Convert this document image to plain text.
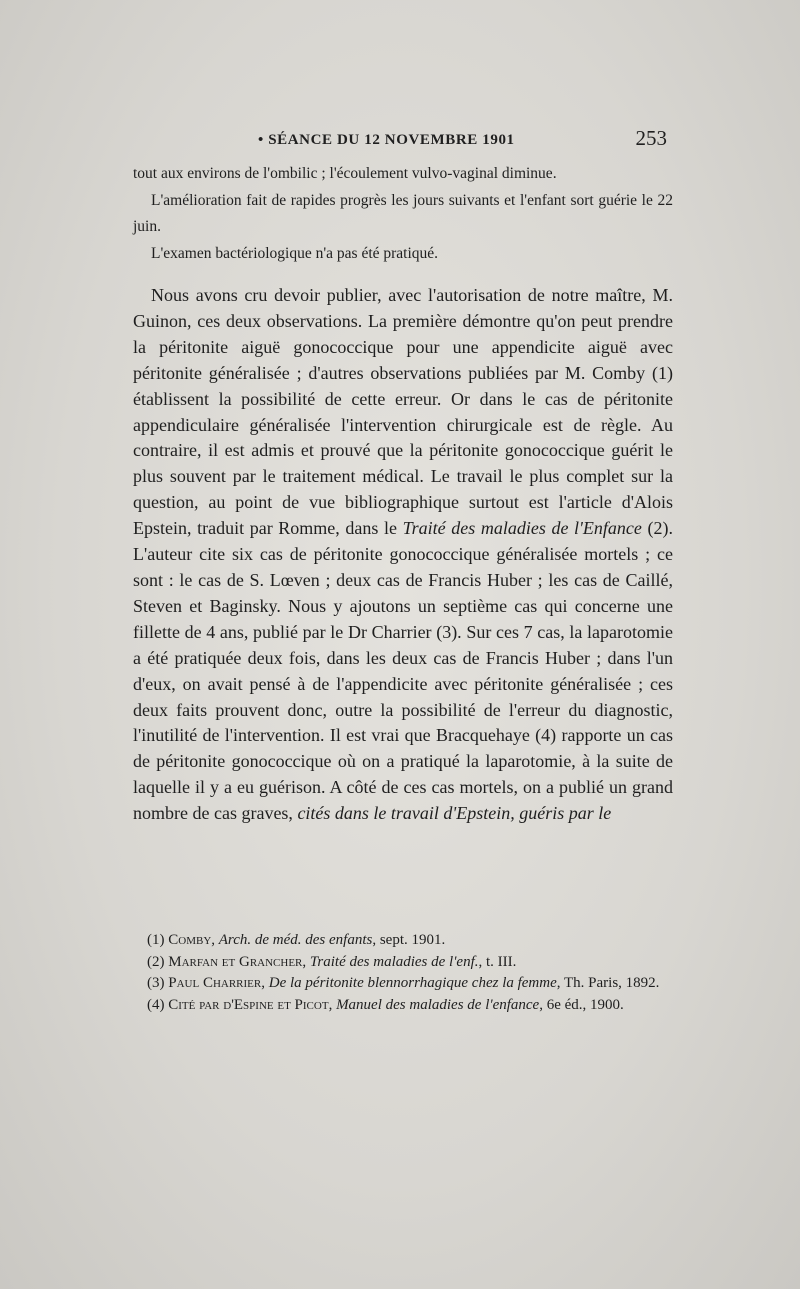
• SÉANCE DU 12 NOVEMBRE 1901	253

tout aux environs de l'ombilic ; l'écoulement vulvo-vaginal diminue.

L'amélioration fait de rapides progrès les jours suivants et l'enfant sort guérie le 22 juin.

L'examen bactériologique n'a pas été pratiqué.

Nous avons cru devoir publier, avec l'autorisation de notre maître, M. Guinon, ces deux observations. La première démontre qu'on peut prendre la péritonite aiguë gonococcique pour une appendicite aiguë avec péritonite généralisée ; d'autres observations publiées par M. Comby (1) établissent la possibilité de cette erreur. Or dans le cas de péritonite appendiculaire généralisée l'intervention chirurgicale est de règle. Au contraire, il est admis et prouvé que la péritonite gonococcique guérit le plus souvent par le traitement médical. Le travail le plus complet sur la question, au point de vue bibliographique surtout est l'article d'Alois Epstein, traduit par Romme, dans le Traité des maladies de l'Enfance (2). L'auteur cite six cas de péritonite gonococcique généralisée mortels ; ce sont : le cas de S. Lœven ; deux cas de Francis Huber ; les cas de Caillé, Steven et Baginsky. Nous y ajoutons un septième cas qui concerne une fillette de 4 ans, publié par le Dr Charrier (3). Sur ces 7 cas, la laparotomie a été pratiquée deux fois, dans les deux cas de Francis Huber ; dans l'un d'eux, on avait pensé à de l'appendicite avec péritonite généralisée ; ces deux faits prouvent donc, outre la possibilité de l'erreur du diagnostic, l'inutilité de l'intervention. Il est vrai que Bracquehaye (4) rapporte un cas de péritonite gonococcique où on a pratiqué la laparotomie, à la suite de laquelle il y a eu guérison. A côté de ces cas mortels, on a publié un grand nombre de cas graves, cités dans le travail d'Epstein, guéris par le

(1) Comby, Arch. de méd. des enfants, sept. 1901.

(2) Marfan et Grancher, Traité des maladies de l'enf., t. III.

(3) Paul Charrier, De la péritonite blennorrhagique chez la femme, Th. Paris, 1892.

(4) Cité par d'Espine et Picot, Manuel des maladies de l'enfance, 6e éd., 1900.
